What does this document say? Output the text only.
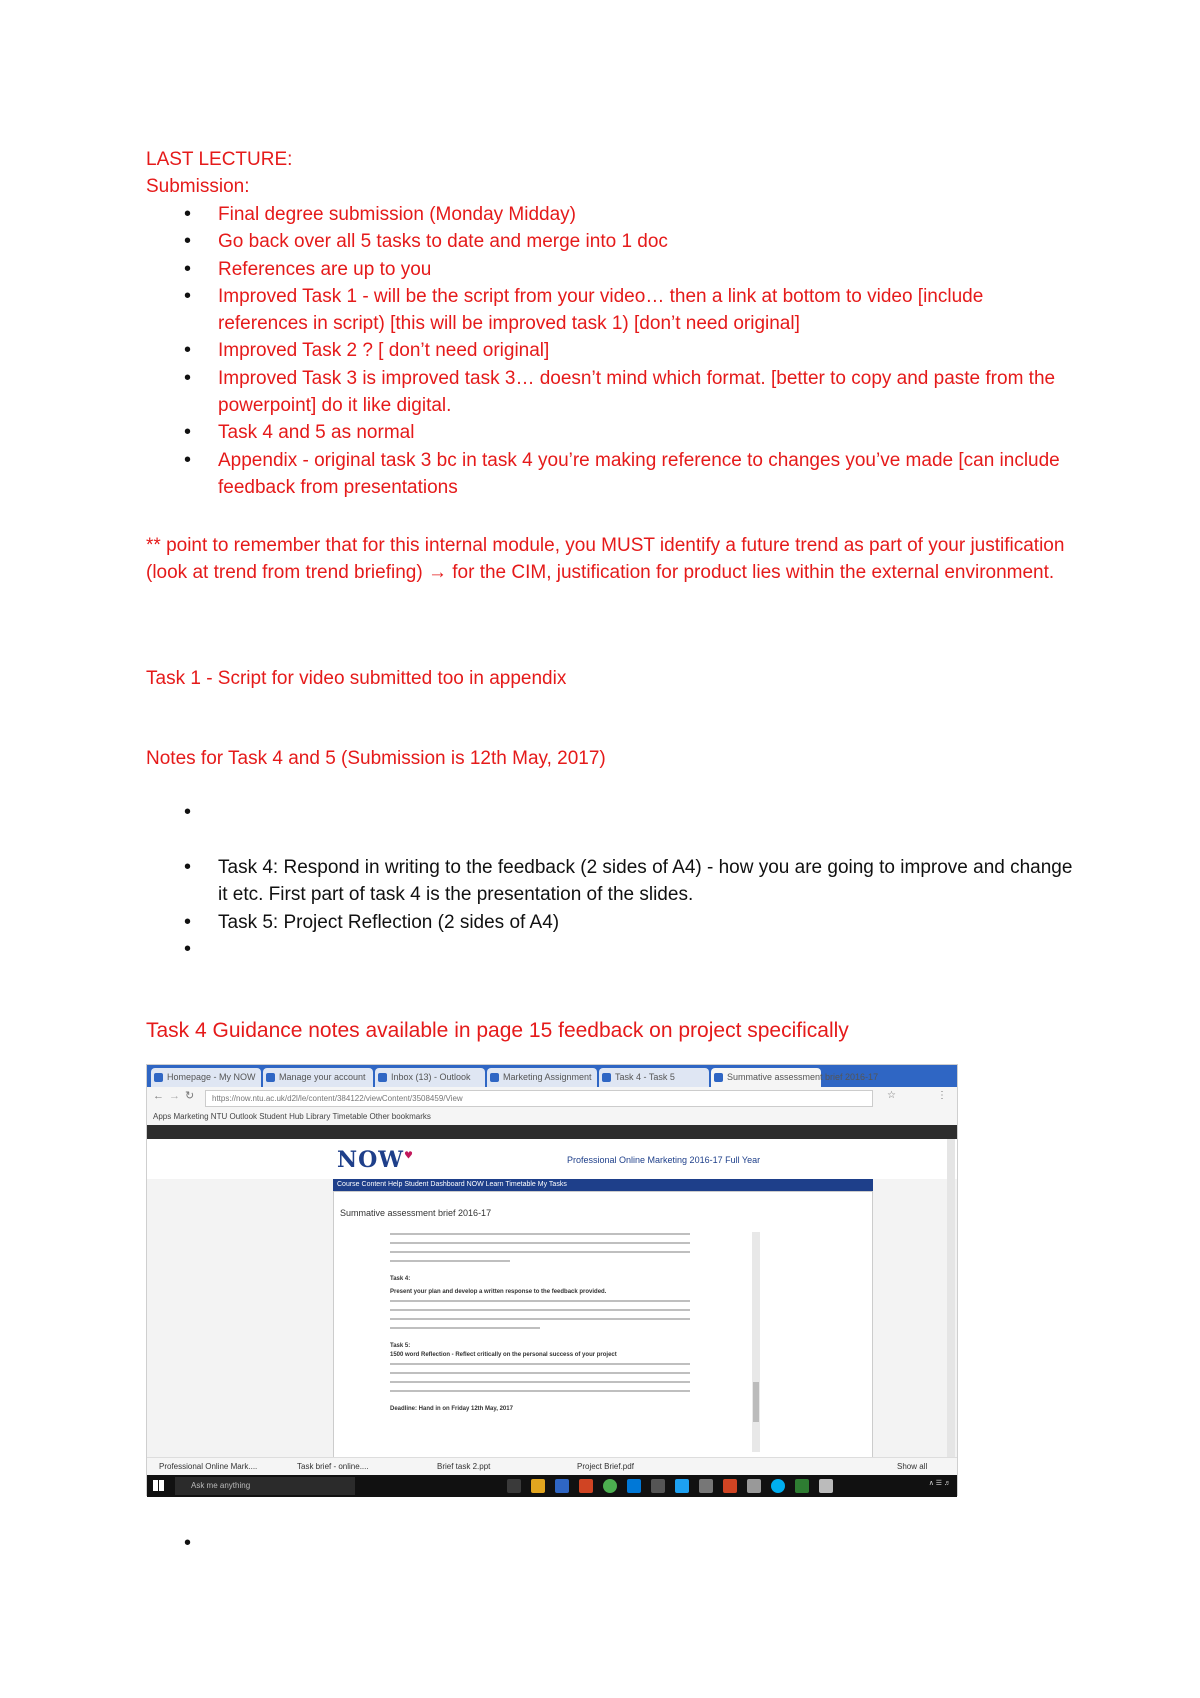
LAST LECTURE:
Submission:
• Final degree submission (Monday Midday)
• Go back over all 5 tasks to date and merge into 1 doc
• References are up to you
• Improved Task 1 - will be the script from your video… then a link at bottom to video [include references in script) [this will be improved task 1) [don’t need original]
• Improved Task 2 ? [ don’t need original]
• Improved Task 3 is improved task 3… doesn’t mind which format. [better to copy and paste from the powerpoint] do it like digital.
• Task 4 and 5 as normal
• Appendix - original task 3 bc in task 4 you’re making reference to changes you’ve made [can include feedback from presentations
** point to remember that for this internal module, you MUST identify a future trend as part of your justification (look at trend from trend briefing) → for the CIM, justification for product lies within the external environment.
Task 1 - Script for video submitted too in appendix
Notes for Task 4 and 5 (Submission is 12th May, 2017)
•
• Task 4: Respond in writing to the feedback (2 sides of A4) - how you are going to improve and change it etc. First part of task 4 is the presentation of the slides.
• Task 5: Project Reflection (2 sides of A4)
•
Task 4 Guidance notes available in page 15 feedback on project specifically
Homepage - My NOW	Manage your account	Inbox (13) - Outlook	Marketing Assignment	Task 4 - Task 5	Summative assessment brief 2016-17
← → ↻	https://now.ntu.ac.uk/d2l/le/content/384122/viewContent/3508459/View	☆	⋮
Apps Marketing NTU Outlook Student Hub Library Timetable Other bookmarks
NOW♥	Professional Online Marketing 2016-17 Full Year
Course Content Help Student Dashboard NOW Learn Timetable My Tasks
Summative assessment brief 2016-17
Task 4:
Present your plan and develop a written response to the feedback provided.
Task 5:
1500 word Reflection - Reflect critically on the personal success of your project
Deadline: Hand in on Friday 12th May, 2017
Professional Online Mark....	Task brief - online....	Brief task 2.ppt	Project Brief.pdf	Show all
Ask me anything	∧ ☰ ♬
•
